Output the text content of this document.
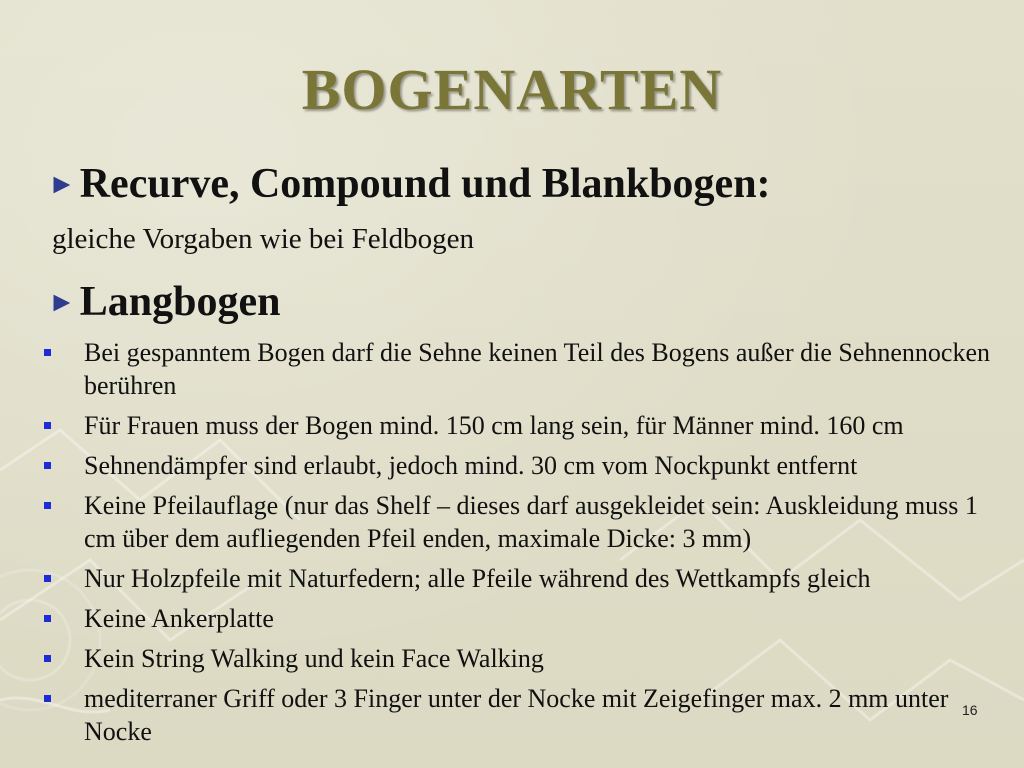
BOGENARTEN
►Recurve, Compound und Blankbogen:
gleiche Vorgaben wie bei Feldbogen
►Langbogen
Bei gespanntem Bogen darf die Sehne keinen Teil des Bogens außer die Sehnennocken berühren
Für Frauen muss der Bogen mind. 150 cm lang sein, für Männer mind. 160 cm
Sehnendämpfer sind erlaubt, jedoch mind. 30 cm vom Nockpunkt entfernt
Keine Pfeilauflage (nur das Shelf – dieses darf ausgekleidet sein: Auskleidung muss 1 cm über dem aufliegenden Pfeil enden, maximale Dicke: 3 mm)
Nur Holzpfeile mit Naturfedern; alle Pfeile während des Wettkampfs gleich
Keine Ankerplatte
Kein String Walking und kein Face Walking
mediterraner Griff oder 3 Finger unter der Nocke mit Zeigefinger max. 2 mm unter Nocke
16
